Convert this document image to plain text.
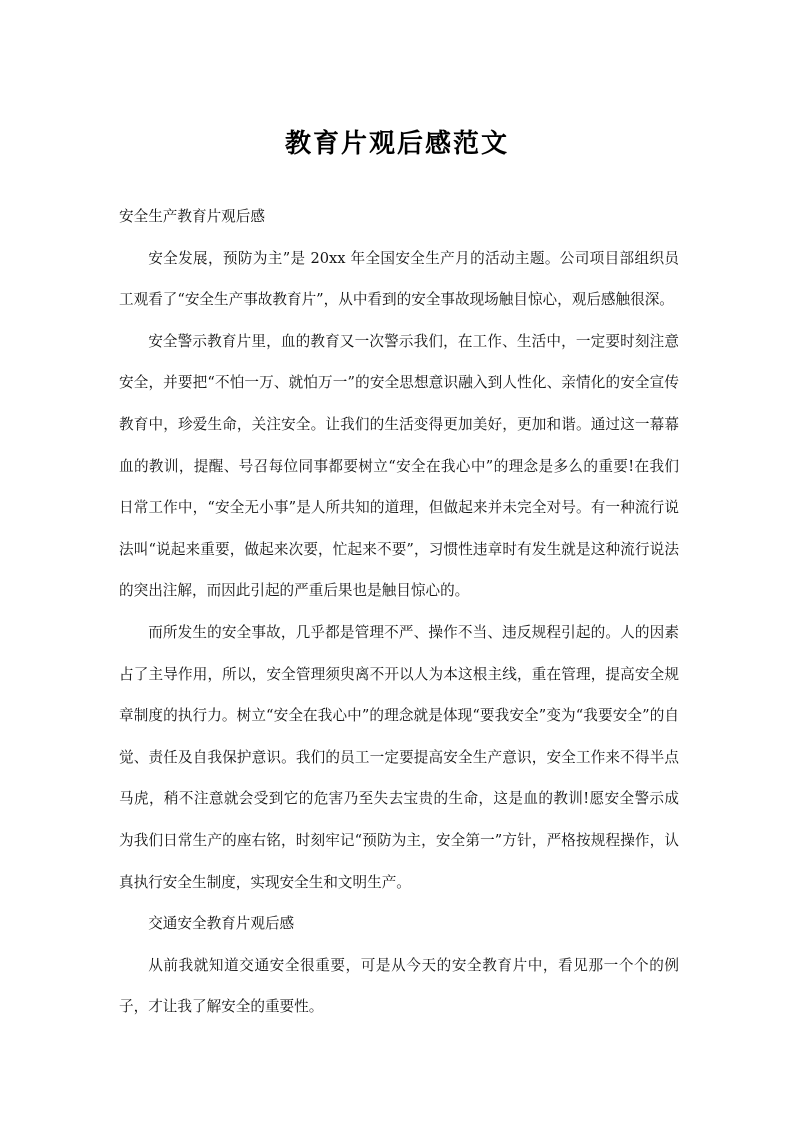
教育片观后感范文

安全生产教育片观后感

安全发展，预防为主”是 20xx 年全国安全生产月的活动主题。公司项目部组织员工观看了“安全生产事故教育片”，从中看到的安全事故现场触目惊心，观后感触很深。

安全警示教育片里，血的教育又一次警示我们，在工作、生活中，一定要时刻注意安全，并要把“不怕一万、就怕万一”的安全思想意识融入到人性化、亲情化的安全宣传教育中，珍爱生命，关注安全。让我们的生活变得更加美好，更加和谐。通过这一幕幕血的教训，提醒、号召每位同事都要树立“安全在我心中”的理念是多么的重要!在我们日常工作中，“安全无小事”是人所共知的道理，但做起来并未完全对号。有一种流行说法叫“说起来重要，做起来次要，忙起来不要”，习惯性违章时有发生就是这种流行说法的突出注解，而因此引起的严重后果也是触目惊心的。

而所发生的安全事故，几乎都是管理不严、操作不当、违反规程引起的。人的因素占了主导作用，所以，安全管理须臾离不开以人为本这根主线，重在管理，提高安全规章制度的执行力。树立“安全在我心中”的理念就是体现“要我安全”变为“我要安全”的自觉、责任及自我保护意识。我们的员工一定要提高安全生产意识，安全工作来不得半点马虎，稍不注意就会受到它的危害乃至失去宝贵的生命，这是血的教训!愿安全警示成为我们日常生产的座右铭，时刻牢记“预防为主，安全第一”方针，严格按规程操作，认真执行安全生制度，实现安全生和文明生产。

交通安全教育片观后感

从前我就知道交通安全很重要，可是从今天的安全教育片中，看见那一个个的例子，才让我了解安全的重要性。
